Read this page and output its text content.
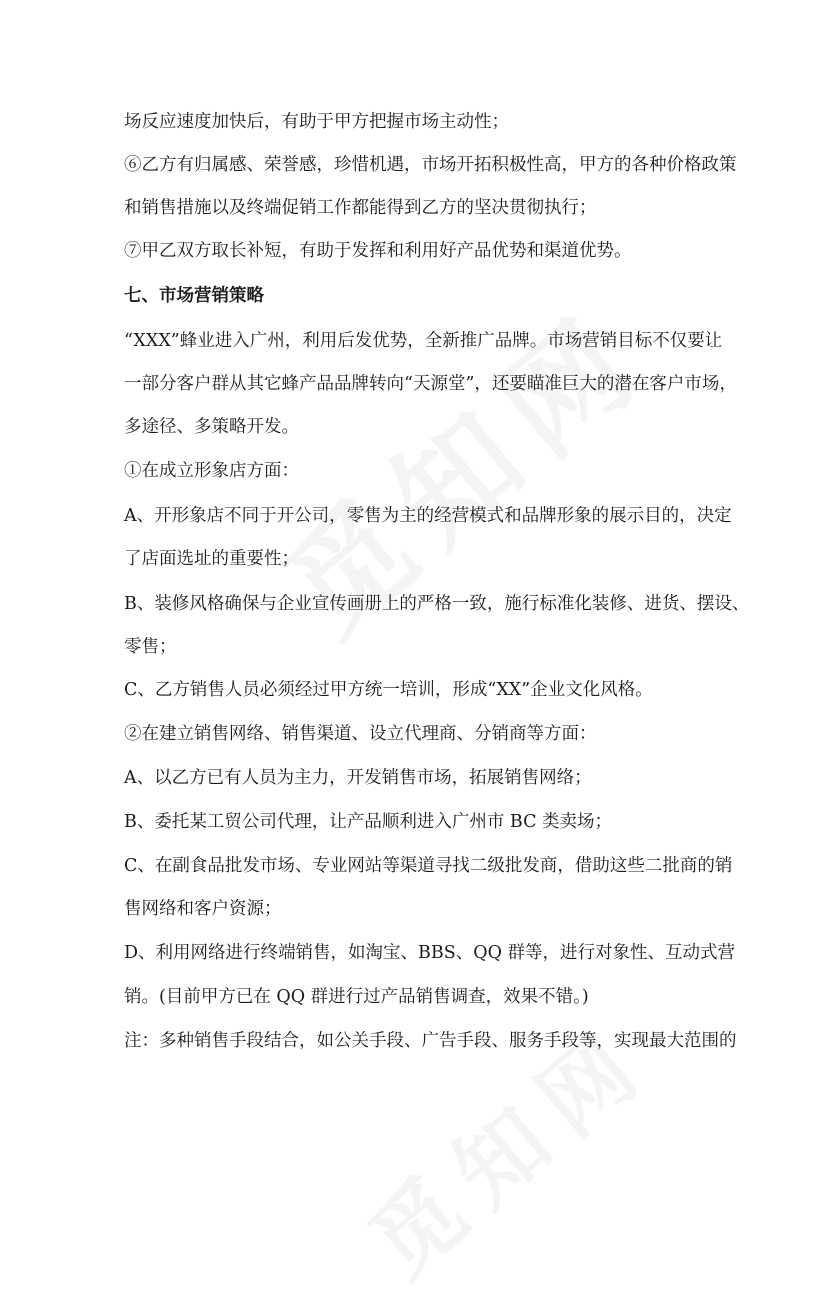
场反应速度加快后，有助于甲方把握市场主动性；
⑥乙方有归属感、荣誉感，珍惜机遇，市场开拓积极性高，甲方的各种价格政策
和销售措施以及终端促销工作都能得到乙方的坚决贯彻执行；
⑦甲乙双方取长补短，有助于发挥和利用好产品优势和渠道优势。
七、市场营销策略
“XXX”蜂业进入广州，利用后发优势，全新推广品牌。市场营销目标不仅要让
一部分客户群从其它蜂产品品牌转向“天源堂”，还要瞄准巨大的潜在客户市场，
多途径、多策略开发。
①在成立形象店方面：
A、开形象店不同于开公司，零售为主的经营模式和品牌形象的展示目的，决定
了店面选址的重要性；
B、装修风格确保与企业宣传画册上的严格一致，施行标准化装修、进货、摆设、
零售；
C、乙方销售人员必须经过甲方统一培训，形成“XX”企业文化风格。
②在建立销售网络、销售渠道、设立代理商、分销商等方面：
A、以乙方已有人员为主力，开发销售市场，拓展销售网络；
B、委托某工贸公司代理，让产品顺利进入广州市 BC 类卖场；
C、在副食品批发市场、专业网站等渠道寻找二级批发商，借助这些二批商的销
售网络和客户资源；
D、利用网络进行终端销售，如淘宝、BBS、QQ 群等，进行对象性、互动式营
销。(目前甲方已在 QQ 群进行过产品销售调查，效果不错。)
注：多种销售手段结合，如公关手段、广告手段、服务手段等，实现最大范围的
